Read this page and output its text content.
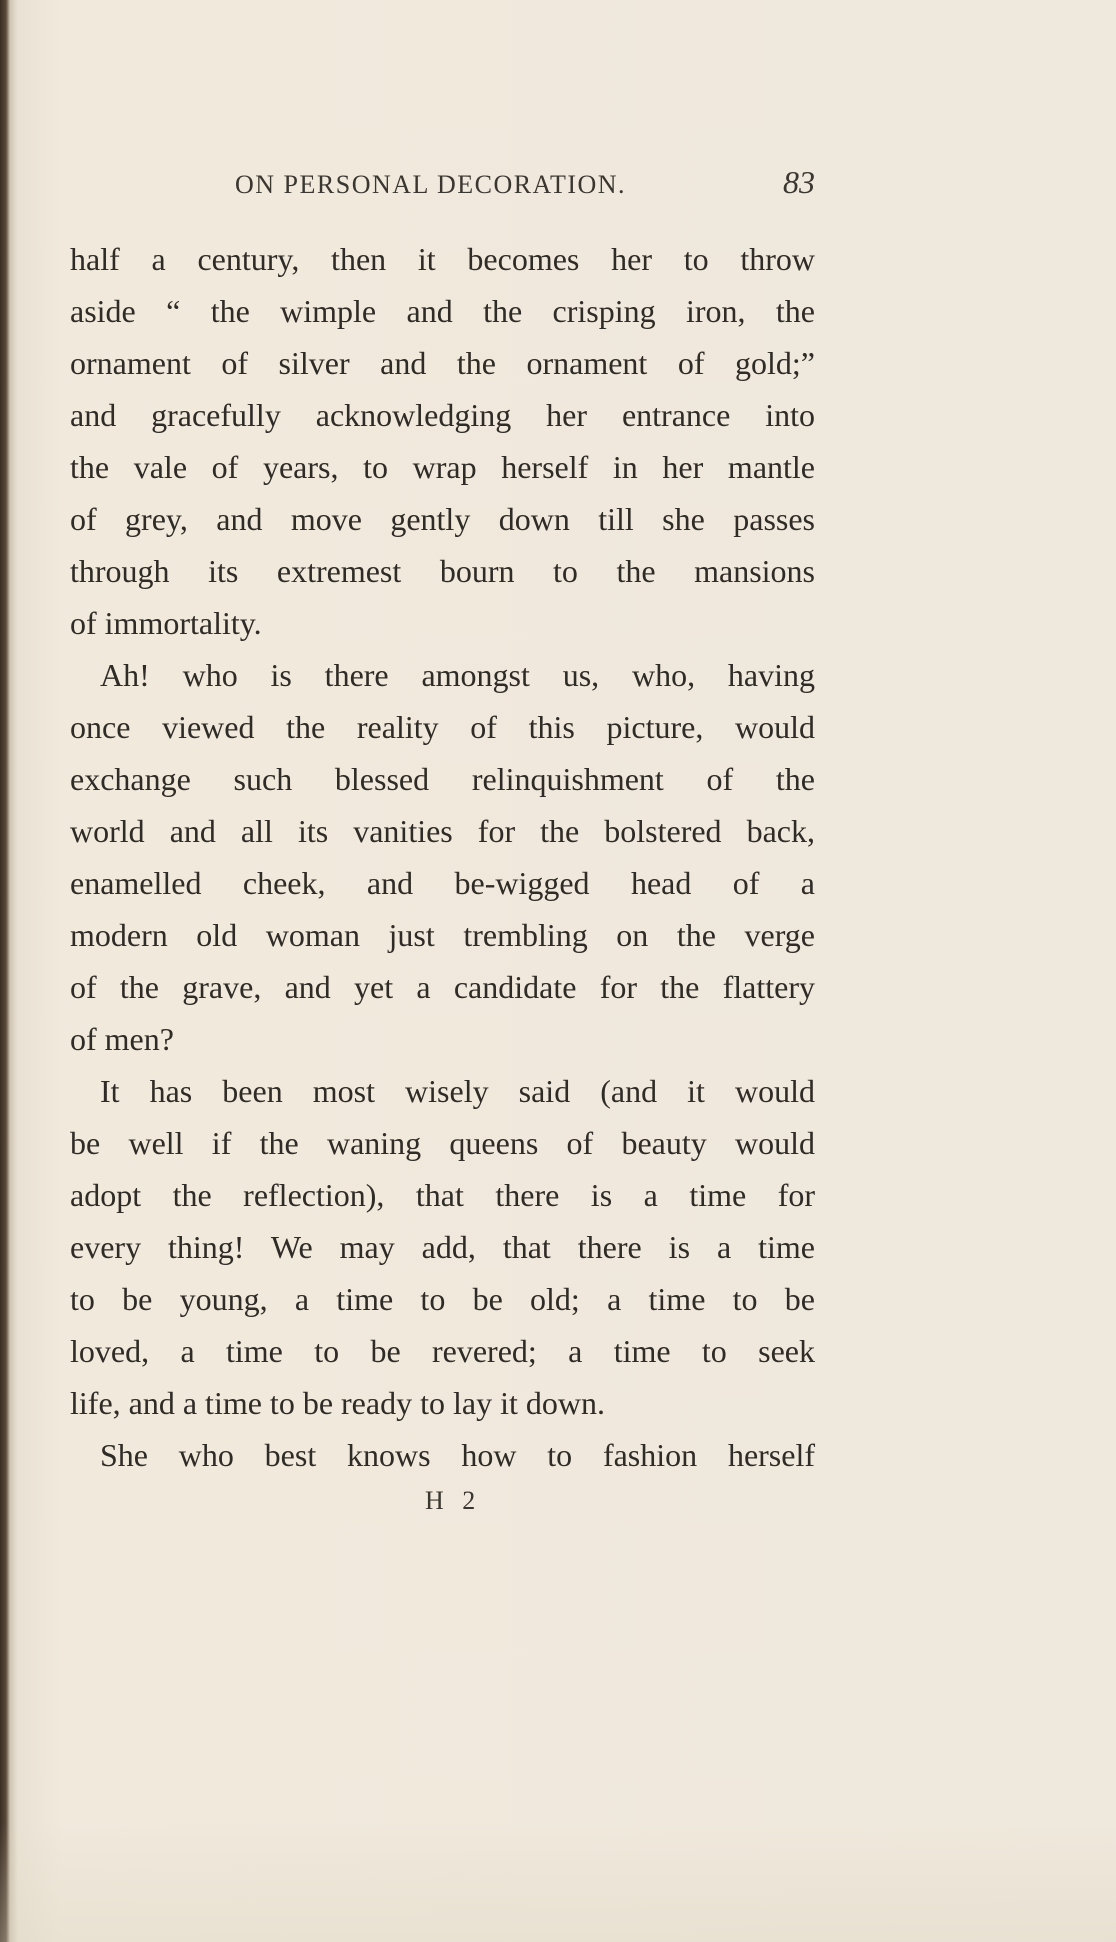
ON PERSONAL DECORATION.	83
half a century, then it becomes her to throw
aside “ the wimple and the crisping iron, the
ornament of silver and the ornament of gold;”
and gracefully acknowledging her entrance into
the vale of years, to wrap herself in her mantle
of grey, and move gently down till she passes
through its extremest bourn to the mansions
of immortality.
Ah! who is there amongst us, who, having
once viewed the reality of this picture, would
exchange such blessed relinquishment of the
world and all its vanities for the bolstered back,
enamelled cheek, and be-wigged head of a
modern old woman just trembling on the verge
of the grave, and yet a candidate for the flattery
of men?
It has been most wisely said (and it would
be well if the waning queens of beauty would
adopt the reflection), that there is a time for
every thing! We may add, that there is a time
to be young, a time to be old; a time to be
loved, a time to be revered; a time to seek
life, and a time to be ready to lay it down.
She who best knows how to fashion herself
H 2
